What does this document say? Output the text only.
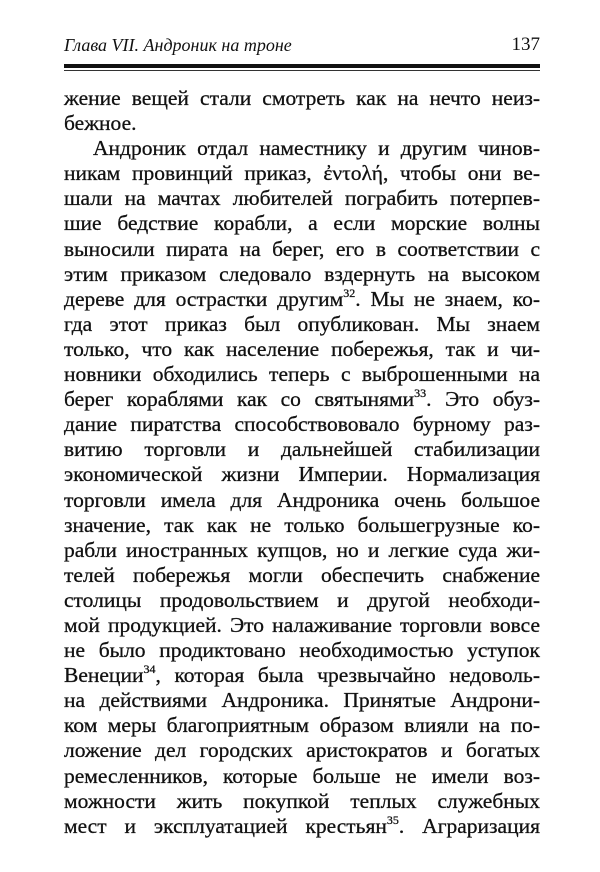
Глава VII. Андроник на троне	137
жение вещей стали смотреть как на нечто неиз-
бежное.
Андроник отдал наместнику и другим чинов-
никам провинций приказ, ἐντολή, чтобы они ве-
шали на мачтах любителей пограбить потерпев-
шие бедствие корабли, а если морские волны
выносили пирата на берег, его в соответствии с
этим приказом следовало вздернуть на высоком
дереве для острастки другим$^{32}$. Мы не знаем, ко-
гда этот приказ был опубликован. Мы знаем
только, что как население побережья, так и чи-
новники обходились теперь с выброшенными на
берег кораблями как со святынями$^{33}$. Это обуз-
дание пиратства способствововало бурному раз-
витию торговли и дальнейшей стабилизации
экономической жизни Империи. Нормализация
торговли имела для Андроника очень большое
значение, так как не только большегрузные ко-
рабли иностранных купцов, но и легкие суда жи-
телей побережья могли обеспечить снабжение
столицы продовольствием и другой необходи-
мой продукцией. Это налаживание торговли вовсе
не было продиктовано необходимостью уступок
Венеции$^{34}$, которая была чрезвычайно недоволь-
на действиями Андроника. Принятые Андрони-
ком меры благоприятным образом влияли на по-
ложение дел городских аристократов и богатых
ремесленников, которые больше не имели воз-
можности жить покупкой теплых служебных
мест и эксплуатацией крестьян$^{35}$. Аграризация
